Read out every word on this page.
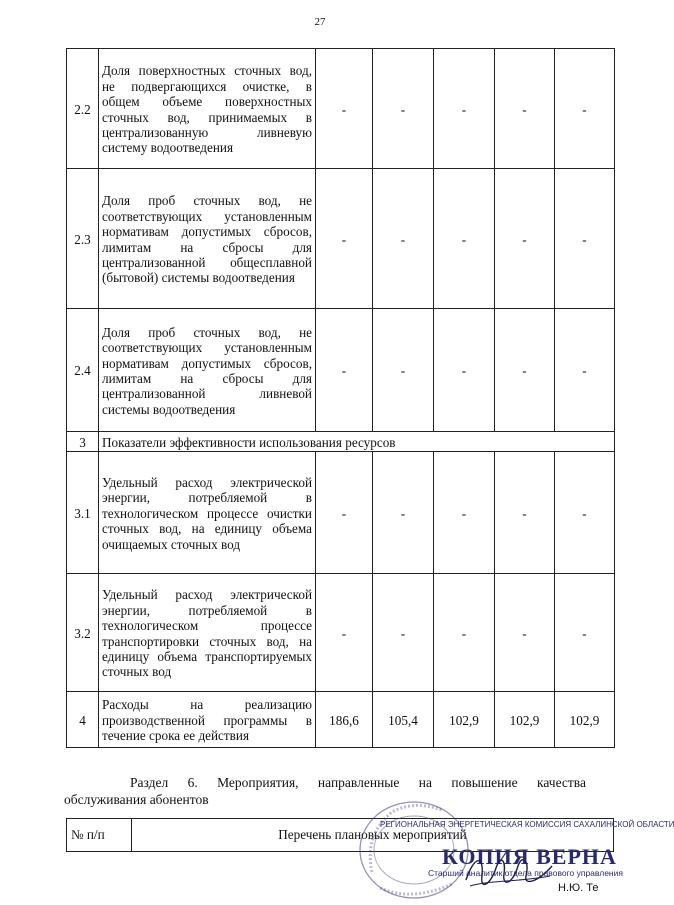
27
2.2	Доля поверхностных сточных вод, не подвергающихся очистке, в общем объеме поверхностных сточных вод, принимаемых в централизованную ливневую систему водоотведения	-	-	-	-	-
2.3	Доля проб сточных вод, не соответствующих установленным нормативам допустимых сбросов, лимитам на сбросы для централизованной общесплавной (бытовой) системы водоотведения	-	-	-	-	-
2.4	Доля проб сточных вод, не соответствующих установленным нормативам допустимых сбросов, лимитам на сбросы для централизованной ливневой системы водоотведения	-	-	-	-	-
3	Показатели эффективности использования ресурсов					
3.1	Удельный расход электрической энергии, потребляемой в технологическом процессе очистки сточных вод, на единицу объема очищаемых сточных вод	-	-	-	-	-
3.2	Удельный расход электрической энергии, потребляемой в технологическом процессе транспортировки сточных вод, на единицу объема транспортируемых сточных вод	-	-	-	-	-
4	Расходы на реализацию производственной программы в течение срока ее действия	186,6	105,4	102,9	102,9	102,9
Раздел 6. Мероприятия, направленные на повышение качества
обслуживания абонентов
№ п/п	Перечень плановых мероприятий
РЕГИОНАЛЬНАЯ ЭНЕРГЕТИЧЕСКАЯ КОМИССИЯ САХАЛИНСКОЙ ОБЛАСТИ
КОПИЯ ВЕРНА
Старший аналитик отдела правового управления
Н.Ю. Те
